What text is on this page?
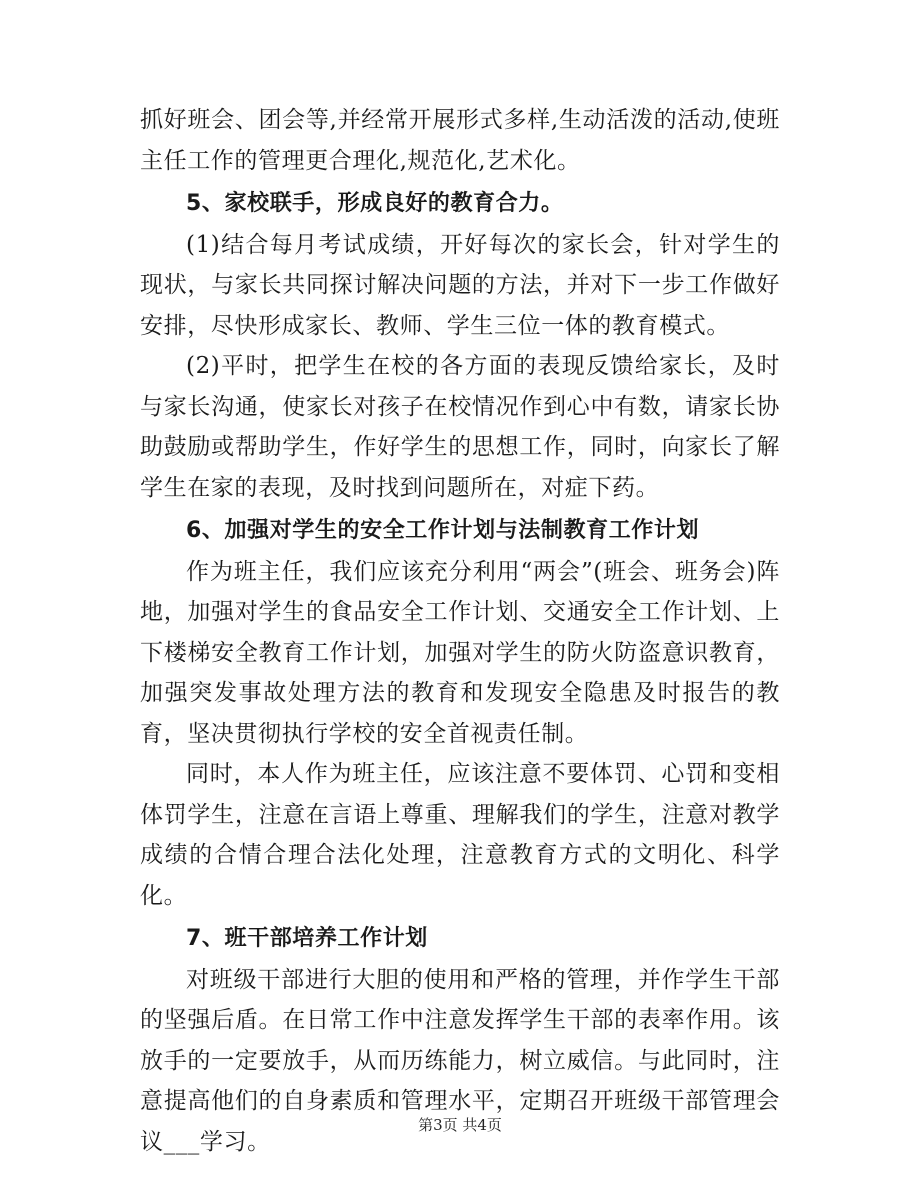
抓好班会、团会等,并经常开展形式多样,生动活泼的活动,使班主任工作的管理更合理化,规范化,艺术化。

5、家校联手，形成良好的教育合力。

(1)结合每月考试成绩，开好每次的家长会，针对学生的现状，与家长共同探讨解决问题的方法，并对下一步工作做好安排，尽快形成家长、教师、学生三位一体的教育模式。

(2)平时，把学生在校的各方面的表现反馈给家长，及时与家长沟通，使家长对孩子在校情况作到心中有数，请家长协助鼓励或帮助学生，作好学生的思想工作，同时，向家长了解学生在家的表现，及时找到问题所在，对症下药。

6、加强对学生的安全工作计划与法制教育工作计划

作为班主任，我们应该充分利用“两会”(班会、班务会)阵地，加强对学生的食品安全工作计划、交通安全工作计划、上下楼梯安全教育工作计划，加强对学生的防火防盗意识教育，加强突发事故处理方法的教育和发现安全隐患及时报告的教育，坚决贯彻执行学校的安全首视责任制。

同时，本人作为班主任，应该注意不要体罚、心罚和变相体罚学生，注意在言语上尊重、理解我们的学生，注意对教学成绩的合情合理合法化处理，注意教育方式的文明化、科学化。

7、班干部培养工作计划

对班级干部进行大胆的使用和严格的管理，并作学生干部的坚强后盾。在日常工作中注意发挥学生干部的表率作用。该放手的一定要放手，从而历练能力，树立威信。与此同时，注意提高他们的自身素质和管理水平，定期召开班级干部管理会议___学习。

第3页 共4页
